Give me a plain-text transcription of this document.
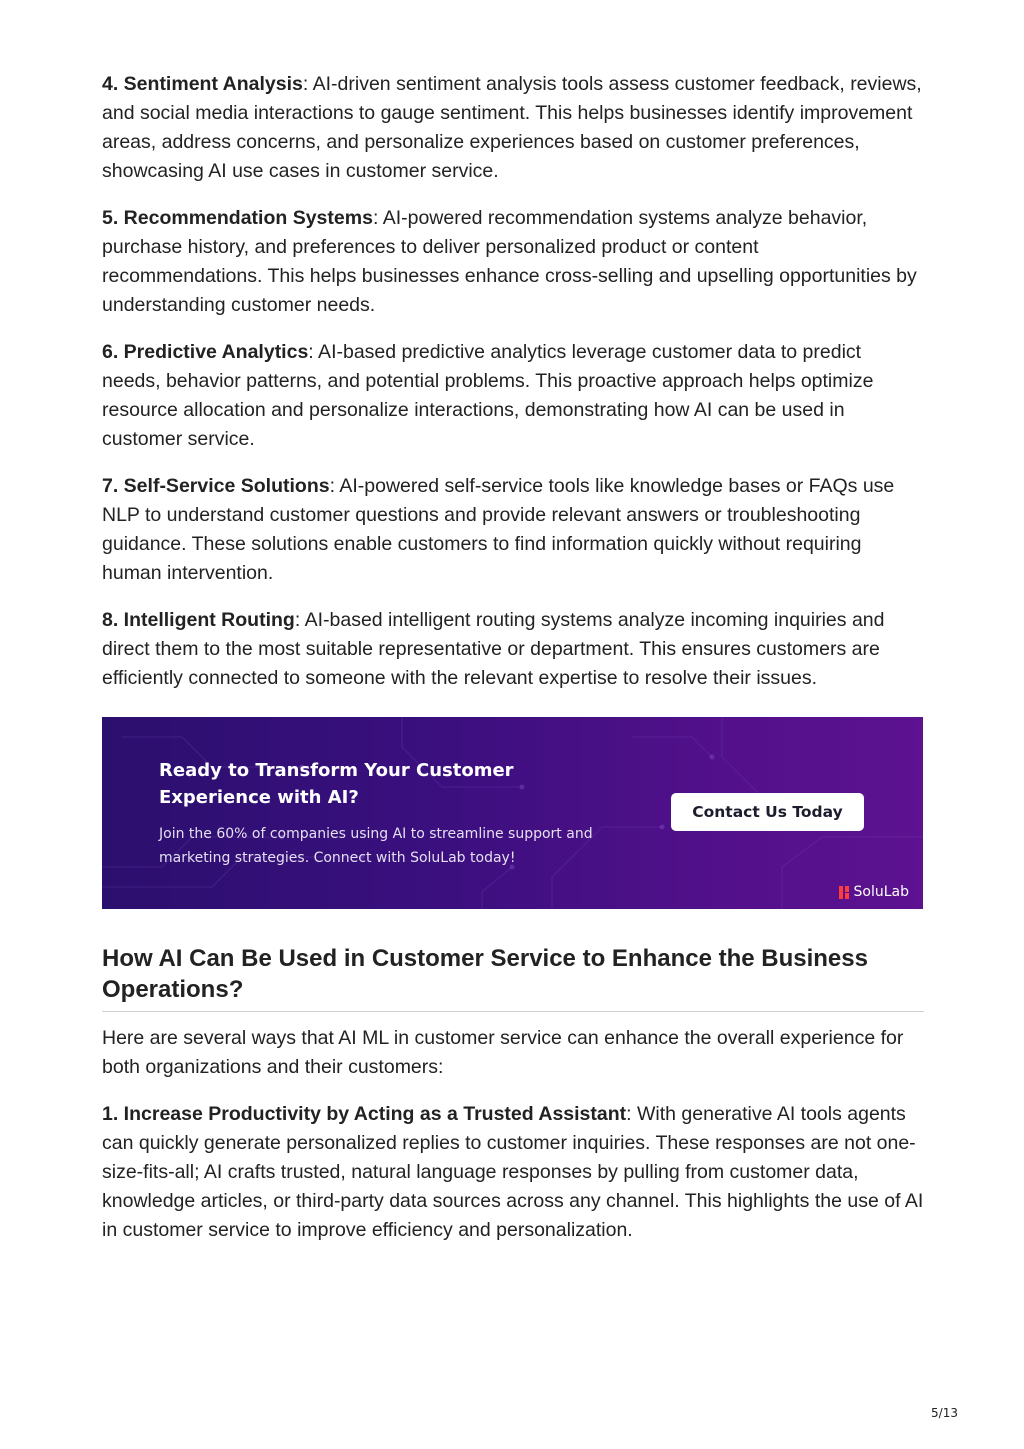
4. Sentiment Analysis: AI-driven sentiment analysis tools assess customer feedback, reviews, and social media interactions to gauge sentiment. This helps businesses identify improvement areas, address concerns, and personalize experiences based on customer preferences, showcasing AI use cases in customer service.

5. Recommendation Systems: AI-powered recommendation systems analyze behavior, purchase history, and preferences to deliver personalized product or content recommendations. This helps businesses enhance cross-selling and upselling opportunities by understanding customer needs.

6. Predictive Analytics: AI-based predictive analytics leverage customer data to predict needs, behavior patterns, and potential problems. This proactive approach helps optimize resource allocation and personalize interactions, demonstrating how AI can be used in customer service.

7. Self-Service Solutions: AI-powered self-service tools like knowledge bases or FAQs use NLP to understand customer questions and provide relevant answers or troubleshooting guidance. These solutions enable customers to find information quickly without requiring human intervention.

8. Intelligent Routing: AI-based intelligent routing systems analyze incoming inquiries and direct them to the most suitable representative or department. This ensures customers are efficiently connected to someone with the relevant expertise to resolve their issues.

Ready to Transform Your Customer Experience with AI?

Join the 60% of companies using AI to streamline support and marketing strategies. Connect with SoluLab today!

Contact Us Today
SoluLab
How AI Can Be Used in Customer Service to Enhance the Business Operations?

Here are several ways that AI ML in customer service can enhance the overall experience for both organizations and their customers:

1. Increase Productivity by Acting as a Trusted Assistant: With generative AI tools agents can quickly generate personalized replies to customer inquiries. These responses are not one-size-fits-all; AI crafts trusted, natural language responses by pulling from customer data, knowledge articles, or third-party data sources across any channel. This highlights the use of AI in customer service to improve efficiency and personalization.

5/13
